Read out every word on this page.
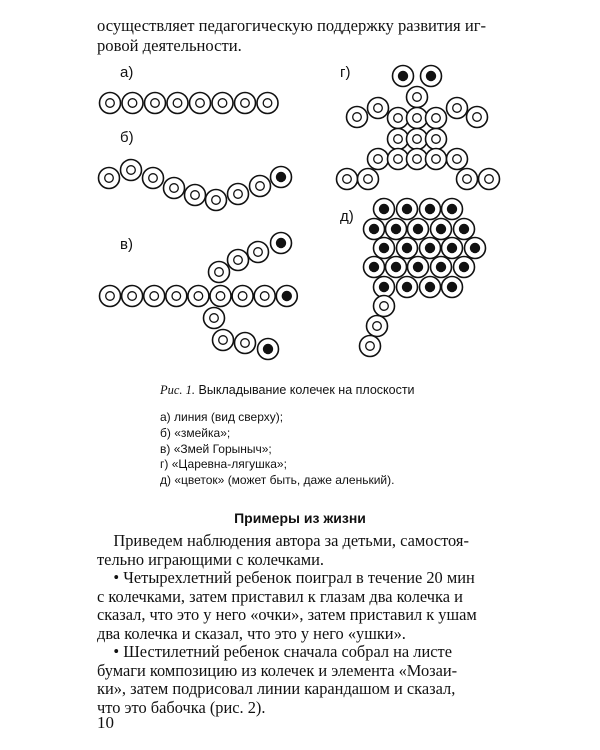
осуществляет педагогическую поддержку развития иг-
ровой деятельности.
а)
б)
в)
г)
д)
Рис. 1. Выкладывание колечек на плоскости
а) линия (вид сверху);
б) «змейка»;
в) «Змей Горыныч»;
г) «Царевна-лягушка»;
д) «цветок» (может быть, даже аленький).
Примеры из жизни
Приведем наблюдения автора за детьми, самостоя-
тельно играющими с колечками.
• Четырехлетний ребенок поиграл в течение 20 мин
с колечками, затем приставил к глазам два колечка и
сказал, что это у него «очки», затем приставил к ушам
два колечка и сказал, что это у него «ушки».
• Шестилетний ребенок сначала собрал на листе
бумаги композицию из колечек и элемента «Мозаи-
ки», затем подрисовал линии карандашом и сказал,
что это бабочка (рис. 2).
10
